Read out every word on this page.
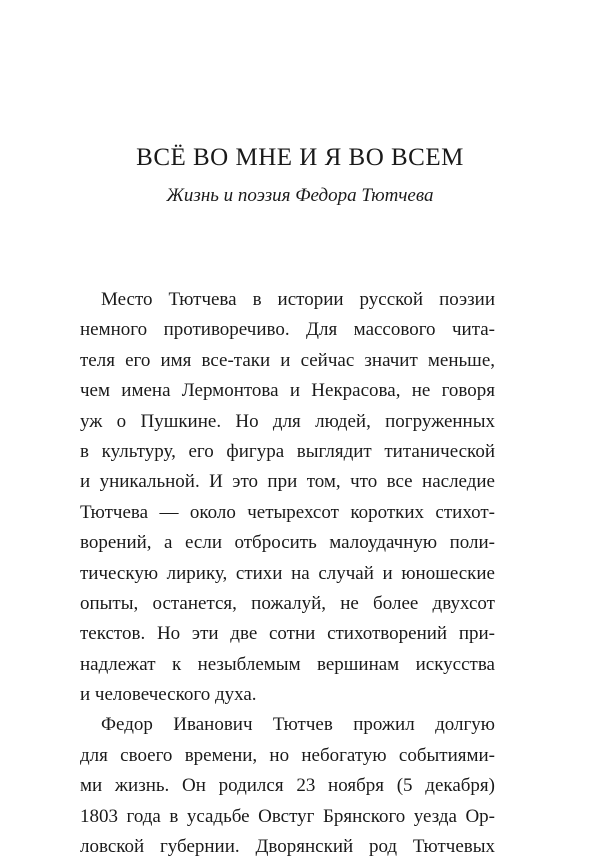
ВСЁ ВО МНЕ И Я ВО ВСЕМ
Жизнь и поэзия Федора Тютчева
Место Тютчева в истории русской поэзии
немного противоречиво. Для массового чита-
теля его имя все-таки и сейчас значит меньше,
чем имена Лермонтова и Некрасова, не говоря
уж о Пушкине. Но для людей, погруженных
в культуру, его фигура выглядит титанической
и уникальной. И это при том, что все наследие
Тютчева — около четырехсот коротких стихот-
ворений, а если отбросить малоудачную поли-
тическую лирику, стихи на случай и юношеские
опыты, останется, пожалуй, не более двухсот
текстов. Но эти две сотни стихотворений при-
надлежат к незыблемым вершинам искусства
и человеческого духа.
Федор Иванович Тютчев прожил долгую
для своего времени, но небогатую событиями-
ми жизнь. Он родился 23 ноября (5 декабря)
1803 года в усадьбе Овстуг Брянского уезда Ор-
ловской губернии. Дворянский род Тютчевых
